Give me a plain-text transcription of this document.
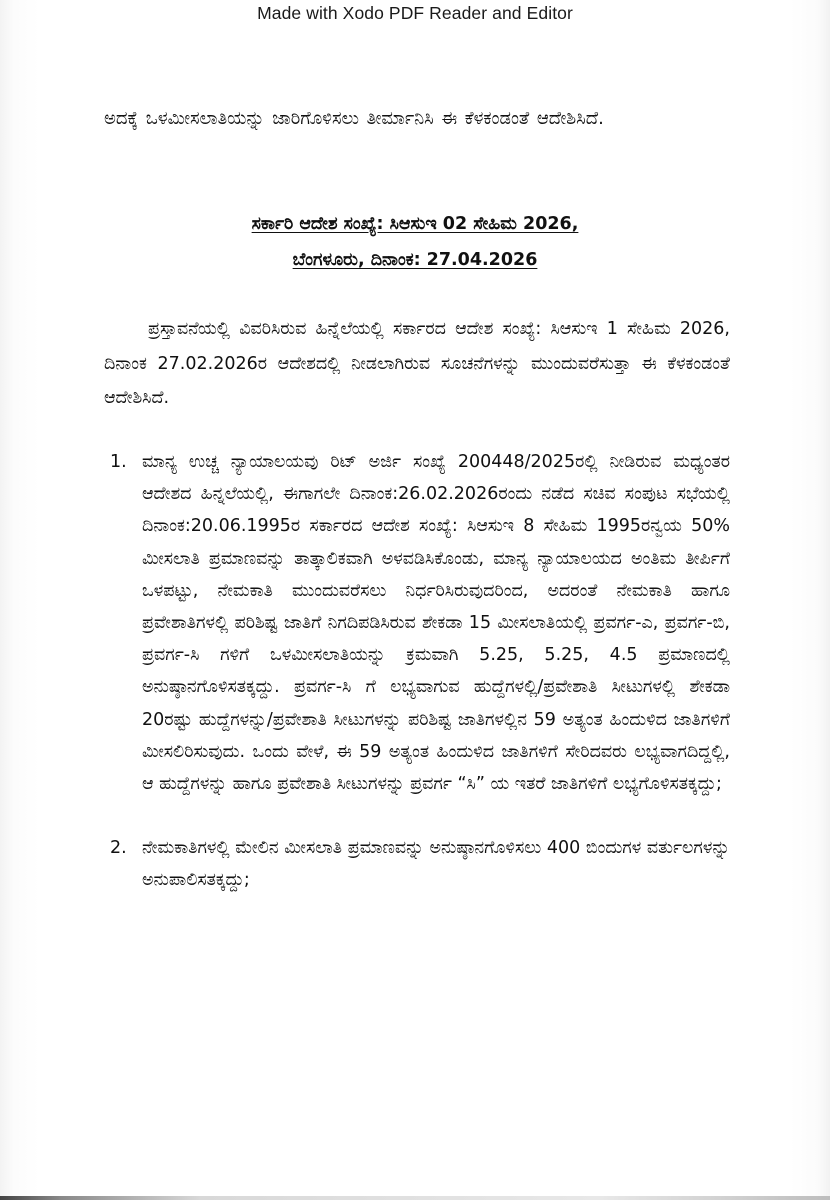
Made with Xodo PDF Reader and Editor
ಅದಕ್ಕೆ ಒಳಮೀಸಲಾತಿಯನ್ನು ಜಾರಿಗೊಳಿಸಲು ತೀರ್ಮಾನಿಸಿ ಈ ಕೆಳಕಂಡಂತೆ ಆದೇಶಿಸಿದೆ.
ಸರ್ಕಾರಿ ಆದೇಶ ಸಂಖ್ಯೆ: ಸಿಆಸುಇ 02 ಸೇಹಿಮ 2026,
ಬೆಂಗಳೂರು, ದಿನಾಂಕ: 27.04.2026
ಪ್ರಸ್ತಾವನೆಯಲ್ಲಿ ವಿವರಿಸಿರುವ ಹಿನ್ನೆಲೆಯಲ್ಲಿ ಸರ್ಕಾರದ ಆದೇಶ ಸಂಖ್ಯೆ: ಸಿಆಸುಇ 1 ಸೇಹಿಮ 2026, ದಿನಾಂಕ 27.02.2026ರ ಆದೇಶದಲ್ಲಿ ನೀಡಲಾಗಿರುವ ಸೂಚನೆಗಳನ್ನು ಮುಂದುವರೆಸುತ್ತಾ ಈ ಕೆಳಕಂಡಂತೆ ಆದೇಶಿಸಿದೆ.
1. ಮಾನ್ಯ ಉಚ್ಚ ನ್ಯಾಯಾಲಯವು ರಿಟ್ ಅರ್ಜಿ ಸಂಖ್ಯೆ 200448/2025ರಲ್ಲಿ ನೀಡಿರುವ ಮಧ್ಯಂತರ ಆದೇಶದ ಹಿನ್ನಲೆಯಲ್ಲಿ, ಈಗಾಗಲೇ ದಿನಾಂಕ:26.02.2026ರಂದು ನಡೆದ ಸಚಿವ ಸಂಪುಟ ಸಭೆಯಲ್ಲಿ ದಿನಾಂಕ:20.06.1995ರ ಸರ್ಕಾರದ ಆದೇಶ ಸಂಖ್ಯೆ: ಸಿಆಸುಇ 8 ಸೇಹಿಮ 1995ರನ್ವಯ 50% ಮೀಸಲಾತಿ ಪ್ರಮಾಣವನ್ನು ತಾತ್ಕಾಲಿಕವಾಗಿ ಅಳವಡಿಸಿಕೊಂಡು, ಮಾನ್ಯ ನ್ಯಾಯಾಲಯದ ಅಂತಿಮ ತೀರ್ಪಿಗೆ ಒಳಪಟ್ಟು, ನೇಮಕಾತಿ ಮುಂದುವರೆಸಲು ನಿರ್ಧರಿಸಿರುವುದರಿಂದ, ಅದರಂತೆ ನೇಮಕಾತಿ ಹಾಗೂ ಪ್ರವೇಶಾತಿಗಳಲ್ಲಿ ಪರಿಶಿಷ್ಟ ಜಾತಿಗೆ ನಿಗದಿಪಡಿಸಿರುವ ಶೇಕಡಾ 15 ಮೀಸಲಾತಿಯಲ್ಲಿ ಪ್ರವರ್ಗ-ಎ, ಪ್ರವರ್ಗ-ಬಿ, ಪ್ರವರ್ಗ-ಸಿ ಗಳಿಗೆ ಒಳಮೀಸಲಾತಿಯನ್ನು ಕ್ರಮವಾಗಿ 5.25, 5.25, 4.5 ಪ್ರಮಾಣದಲ್ಲಿ ಅನುಷ್ಠಾನಗೊಳಿಸತಕ್ಕದ್ದು. ಪ್ರವರ್ಗ-ಸಿ ಗೆ ಲಭ್ಯವಾಗುವ ಹುದ್ದೆಗಳಲ್ಲಿ/ಪ್ರವೇಶಾತಿ ಸೀಟುಗಳಲ್ಲಿ ಶೇಕಡಾ 20ರಷ್ಟು ಹುದ್ದೆಗಳನ್ನು/ಪ್ರವೇಶಾತಿ ಸೀಟುಗಳನ್ನು ಪರಿಶಿಷ್ಟ ಜಾತಿಗಳಲ್ಲಿನ 59 ಅತ್ಯಂತ ಹಿಂದುಳಿದ ಜಾತಿಗಳಿಗೆ ಮೀಸಲಿರಿಸುವುದು. ಒಂದು ವೇಳೆ, ಈ 59 ಅತ್ಯಂತ ಹಿಂದುಳಿದ ಜಾತಿಗಳಿಗೆ ಸೇರಿದವರು ಲಭ್ಯವಾಗದಿದ್ದಲ್ಲಿ, ಆ ಹುದ್ದೆಗಳನ್ನು ಹಾಗೂ ಪ್ರವೇಶಾತಿ ಸೀಟುಗಳನ್ನು ಪ್ರವರ್ಗ “ಸಿ” ಯ ಇತರೆ ಜಾತಿಗಳಿಗೆ ಲಭ್ಯಗೊಳಿಸತಕ್ಕದ್ದು;
2. ನೇಮಕಾತಿಗಳಲ್ಲಿ ಮೇಲಿನ ಮೀಸಲಾತಿ ಪ್ರಮಾಣವನ್ನು ಅನುಷ್ಠಾನಗೊಳಿಸಲು 400 ಬಿಂದುಗಳ ವರ್ತುಲಗಳನ್ನು ಅನುಪಾಲಿಸತಕ್ಕದ್ದು;
